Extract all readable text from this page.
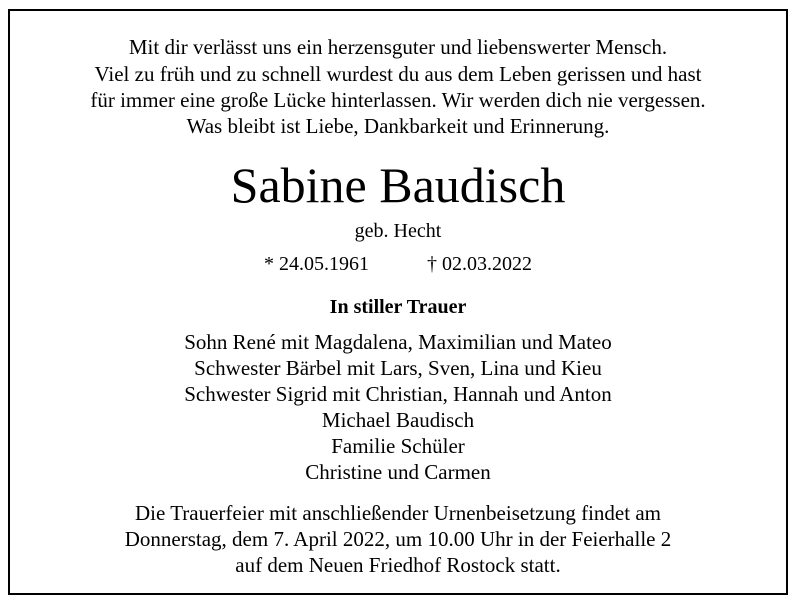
Mit dir verlässt uns ein herzensguter und liebenswerter Mensch.
Viel zu früh und zu schnell wurdest du aus dem Leben gerissen und hast
für immer eine große Lücke hinterlassen. Wir werden dich nie vergessen.
Was bleibt ist Liebe, Dankbarkeit und Erinnerung.
Sabine Baudisch
geb. Hecht
* 24.05.1961	† 02.03.2022
In stiller Trauer
Sohn René mit Magdalena, Maximilian und Mateo
Schwester Bärbel mit Lars, Sven, Lina und Kieu
Schwester Sigrid mit Christian, Hannah und Anton
Michael Baudisch
Familie Schüler
Christine und Carmen
Die Trauerfeier mit anschließender Urnenbeisetzung findet am
Donnerstag, dem 7. April 2022, um 10.00 Uhr in der Feierhalle 2
auf dem Neuen Friedhof Rostock statt.
